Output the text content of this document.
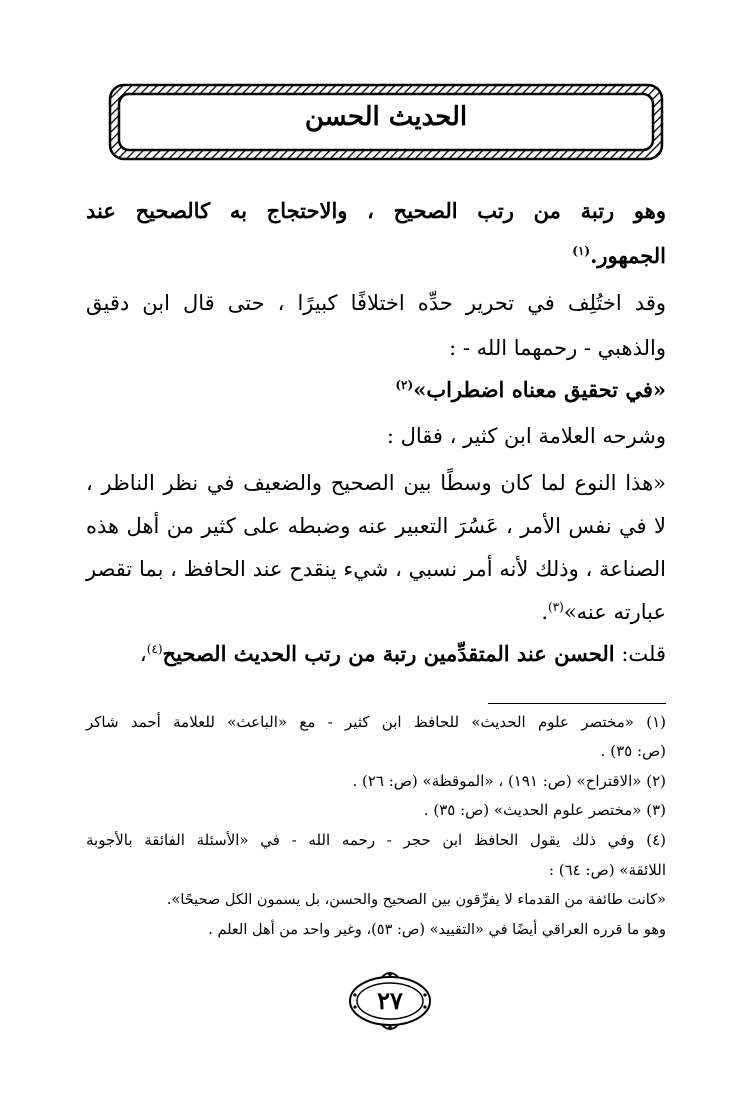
الحديث الحسن
وهو رتبة من رتب الصحيح ، والاحتجاج به كالصحيح عند
الجمهور.$^{(١)}$
وقد اختُلِف في تحرير حدِّه اختلافًا كبيرًا ، حتى قال ابن دقيق
والذهبي - رحمهما الله - :
«في تحقيق معناه اضطراب»$^{(٢)}$
وشرحه العلامة ابن كثير ، فقال :
«هذا النوع لما كان وسطًا بين الصحيح والضعيف في نظر الناظر ،
لا في نفس الأمر ، عَسُرَ التعبير عنه وضبطه على كثير من أهل هذه
الصناعة ، وذلك لأنه أمر نسبي ، شيء ينقدح عند الحافظ ، بما تقصر
عبارته عنه»$^{(٣)}$.
قلت: الحسن عند المتقدِّمين رتبة من رتب الحديث الصحيح$^{(٤)}$،
(١) «مختصر علوم الحديث» للحافظ ابن كثير - مع «الباعث» للعلامة أحمد شاكر
(ص: ٣٥) .
(٢) «الاقتراح» (ص: ١٩١) ، «الموقظة» (ص: ٢٦) .
(٣) «مختصر علوم الحديث» (ص: ٣٥) .
(٤) وفي ذلك يقول الحافظ ابن حجر - رحمه الله - في «الأسئلة الفائقة بالأجوبة
اللائقة» (ص: ٦٤) :
«كانت طائفة من القدماء لا يفرِّقون بين الصحيح والحسن، بل يسمون الكل صحيحًا».
وهو ما قرره العراقي أيضًا في «التقييد» (ص: ٥٣)، وغير واحد من أهل العلم .
٢٧
